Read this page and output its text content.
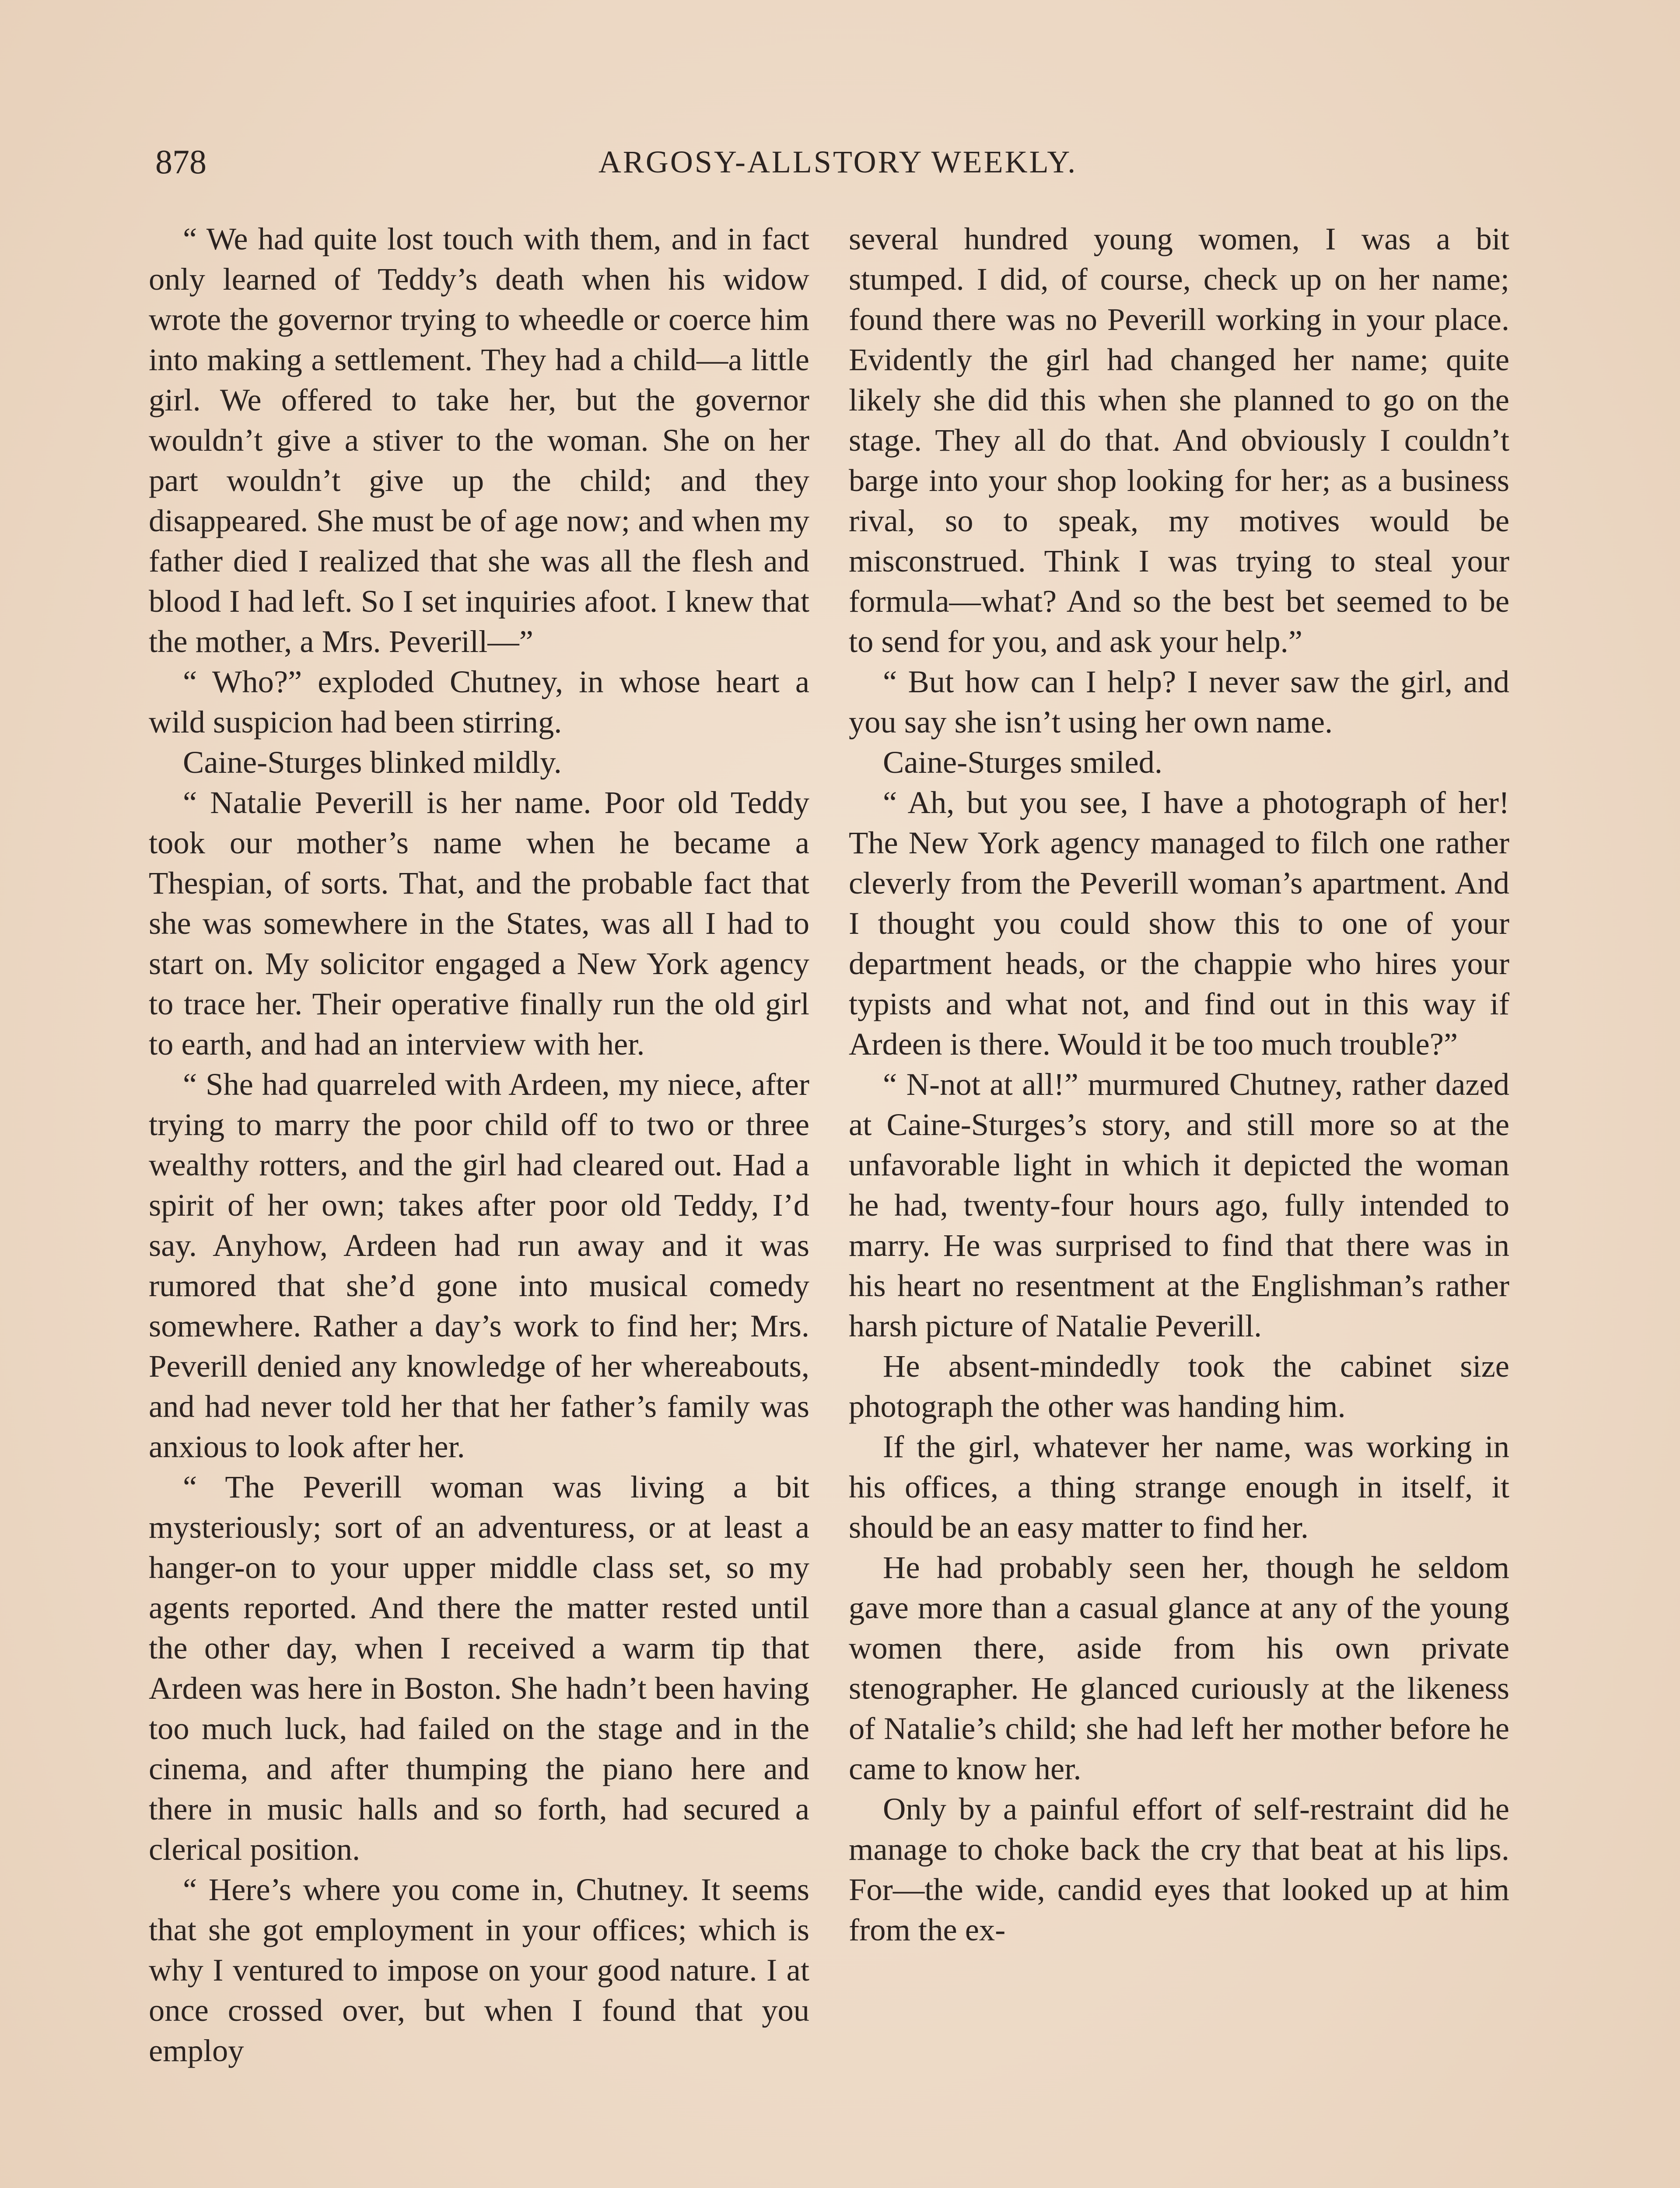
878	ARGOSY-ALLSTORY WEEKLY.

“ We had quite lost touch with them, and in fact only learned of Teddy’s death when his widow wrote the governor trying to wheedle or coerce him into making a settlement. They had a child—a little girl. We offered to take her, but the governor wouldn’t give a stiver to the woman. She on her part wouldn’t give up the child; and they disappeared. She must be of age now; and when my father died I realized that she was all the flesh and blood I had left. So I set inquiries afoot. I knew that the mother, a Mrs. Peverill—”

“ Who?” exploded Chutney, in whose heart a wild suspicion had been stirring.

Caine-Sturges blinked mildly.

“ Natalie Peverill is her name. Poor old Teddy took our mother’s name when he became a Thespian, of sorts. That, and the probable fact that she was somewhere in the States, was all I had to start on. My solicitor engaged a New York agency to trace her. Their operative finally run the old girl to earth, and had an interview with her.

“ She had quarreled with Ardeen, my niece, after trying to marry the poor child off to two or three wealthy rotters, and the girl had cleared out. Had a spirit of her own; takes after poor old Teddy, I’d say. Anyhow, Ardeen had run away and it was rumored that she’d gone into musical comedy somewhere. Rather a day’s work to find her; Mrs. Peverill denied any knowledge of her whereabouts, and had never told her that her father’s family was anxious to look after her.

“ The Peverill woman was living a bit mysteriously; sort of an adventuress, or at least a hanger-on to your upper middle class set, so my agents reported. And there the matter rested until the other day, when I received a warm tip that Ardeen was here in Boston. She hadn’t been having too much luck, had failed on the stage and in the cinema, and after thumping the piano here and there in music halls and so forth, had secured a clerical position.

“ Here’s where you come in, Chutney. It seems that she got employment in your offices; which is why I ventured to impose on your good nature. I at once crossed over, but when I found that you employ

several hundred young women, I was a bit stumped. I did, of course, check up on her name; found there was no Peverill working in your place. Evidently the girl had changed her name; quite likely she did this when she planned to go on the stage. They all do that. And obviously I couldn’t barge into your shop looking for her; as a business rival, so to speak, my motives would be misconstrued. Think I was trying to steal your formula—what? And so the best bet seemed to be to send for you, and ask your help.”

“ But how can I help? I never saw the girl, and you say she isn’t using her own name.

Caine-Sturges smiled.

“ Ah, but you see, I have a photograph of her! The New York agency managed to filch one rather cleverly from the Peverill woman’s apartment. And I thought you could show this to one of your department heads, or the chappie who hires your typists and what not, and find out in this way if Ardeen is there. Would it be too much trouble?”

“ N-not at all!” murmured Chutney, rather dazed at Caine-Sturges’s story, and still more so at the unfavorable light in which it depicted the woman he had, twenty-four hours ago, fully intended to marry. He was surprised to find that there was in his heart no resentment at the Englishman’s rather harsh picture of Natalie Peverill.

He absent-mindedly took the cabinet size photograph the other was handing him.

If the girl, whatever her name, was working in his offices, a thing strange enough in itself, it should be an easy matter to find her.

He had probably seen her, though he seldom gave more than a casual glance at any of the young women there, aside from his own private stenographer. He glanced curiously at the likeness of Natalie’s child; she had left her mother before he came to know her.

Only by a painful effort of self-restraint did he manage to choke back the cry that beat at his lips. For—the wide, candid eyes that looked up at him from the ex-
